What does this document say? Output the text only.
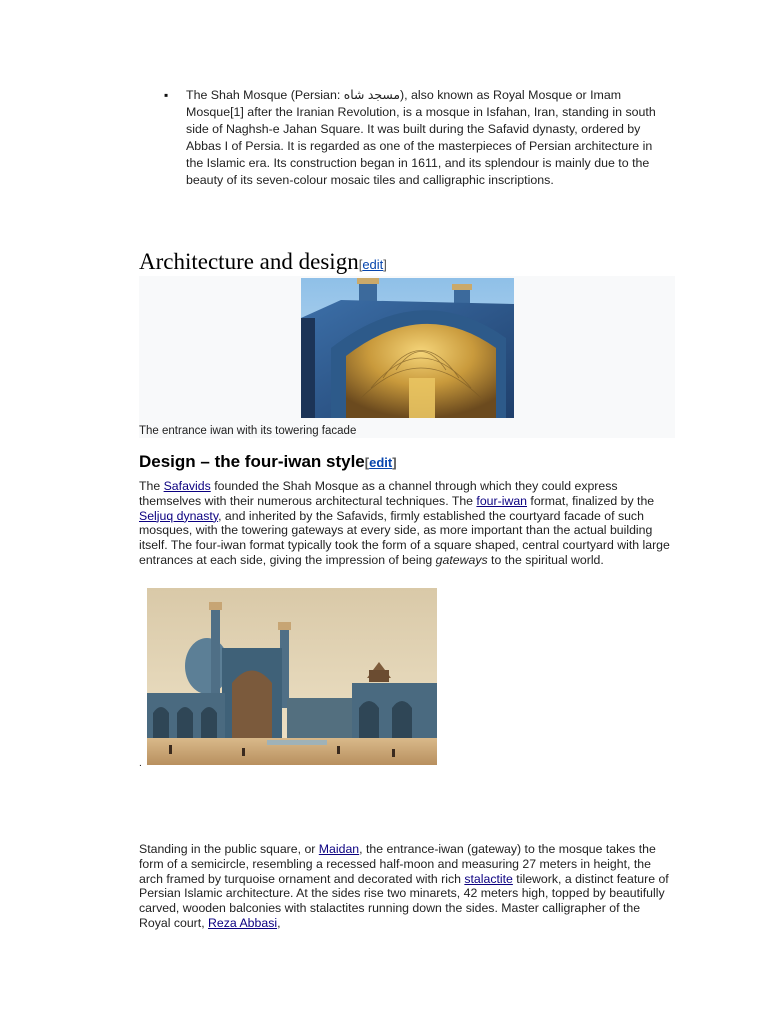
▪ The Shah Mosque (Persian: مسجد شاه), also known as Royal Mosque or Imam Mosque[1] after the Iranian Revolution, is a mosque in Isfahan, Iran, standing in south side of Naghsh-e Jahan Square. It was built during the Safavid dynasty, ordered by Abbas I of Persia. It is regarded as one of the masterpieces of Persian architecture in the Islamic era. Its construction began in 1611, and its splendour is mainly due to the beauty of its seven-colour mosaic tiles and calligraphic inscriptions.
Architecture and design[edit]
The entrance iwan with its towering facade
Design – the four-iwan style[edit]
The Safavids founded the Shah Mosque as a channel through which they could express themselves with their numerous architectural techniques. The four-iwan format, finalized by the Seljuq dynasty, and inherited by the Safavids, firmly established the courtyard facade of such mosques, with the towering gateways at every side, as more important than the actual building itself. The four-iwan format typically took the form of a square shaped, central courtyard with large entrances at each side, giving the impression of being gateways to the spiritual world.
.
Standing in the public square, or Maidan, the entrance-iwan (gateway) to the mosque takes the form of a semicircle, resembling a recessed half-moon and measuring 27 meters in height, the arch framed by turquoise ornament and decorated with rich stalactite tilework, a distinct feature of Persian Islamic architecture. At the sides rise two minarets, 42 meters high, topped by beautifully carved, wooden balconies with stalactites running down the sides. Master calligrapher of the Royal court, Reza Abbasi,
